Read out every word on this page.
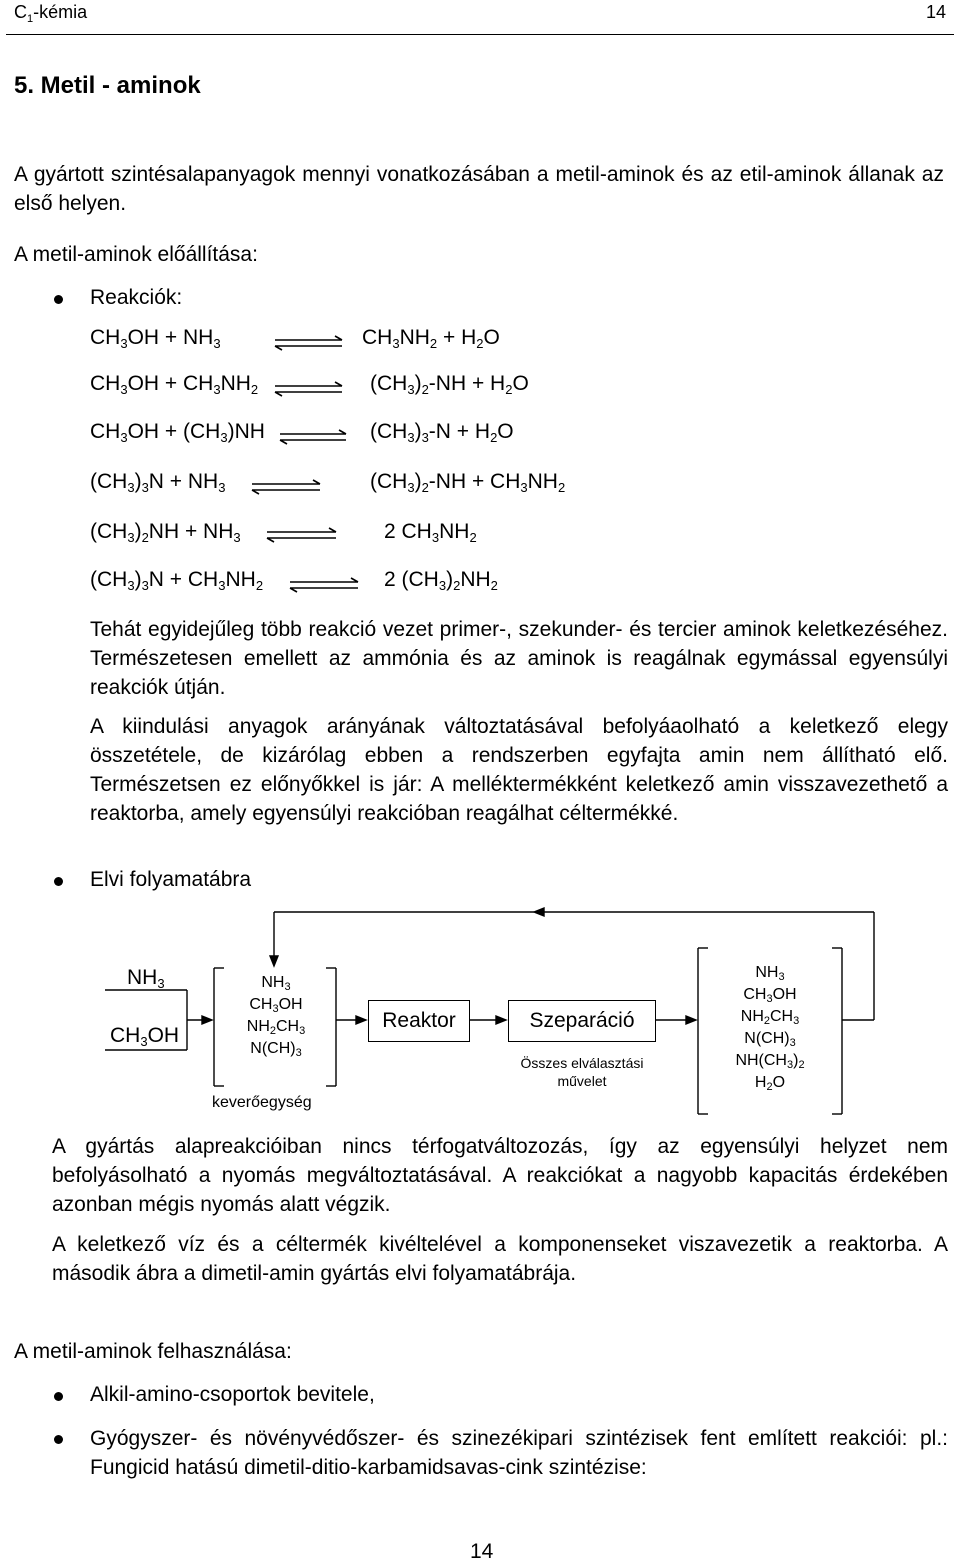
$C_1$-kémia	14
5. Metil - aminok
A gyártott szintésalapanyagok mennyi vonatkozásában a metil-aminok és az etil-aminok állanak az első helyen.
A metil-aminok előállítása:
Reakciók:
$CH_3OH + NH_3$	$CH_3NH_2 + H_2O$
$CH_3OH + CH_3NH_2$	$(CH_3)_2-NH + H_2O$
$CH_3OH + (CH_3)NH$	$(CH_3)_3-N + H_2O$
$(CH_3)_3N + NH_3$	$(CH_3)_2-NH + CH_3NH_2$
$(CH_3)_2NH + NH_3$	2 $CH_3NH_2$
$(CH_3)_3N + CH_3NH_2$	2 $(CH_3)_2NH_2$
Tehát egyidejűleg több reakció vezet primer-, szekunder- és tercier aminok keletkezéséhez. Természetesen emellett az ammónia és az aminok is reagálnak egymással egyensúlyi reakciók útján.
A kiindulási anyagok arányának változtatásával befolyáaolható a keletkező elegy összetétele, de kizárólag ebben a rendszerben egyfajta amin nem állítható elő. Természetsen ez előnyőkkel is jár: A melléktermékként keletkező amin visszavezethető a reaktorba, amely egyensúlyi reakcióban reagálhat céltermékké.
Elvi folyamatábra
$NH_3$
$CH_3OH$
$NH_3$
$CH_3OH$
$NH_2CH_3$
$N(CH)_3$
keverőegység
Reaktor	Szeparáció
Összes elválasztási
művelet
$NH_3$
$CH_3OH$
$NH_2CH_3$
$N(CH)_3$
$NH(CH_3)_2$
$H_2O$
A gyártás alapreakcióiban nincs térfogatváltozozás, így az egyensúlyi helyzet nem befolyásolható a nyomás megváltoztatásával. A reakciókat a nagyobb kapacitás érdekében azonban mégis nyomás alatt végzik.
A keletkező víz és a céltermék kivéltelével a komponenseket viszavezetik a reaktorba. A második ábra a dimetil-amin gyártás elvi folyamatábrája.
A metil-aminok felhasználása:
Alkil-amino-csoportok bevitele,
Gyógyszer- és növényvédőszer- és szinezékipari szintézisek fent említett reakciói: pl.: Fungicid hatású dimetil-ditio-karbamidsavas-cink szintézise:
14
